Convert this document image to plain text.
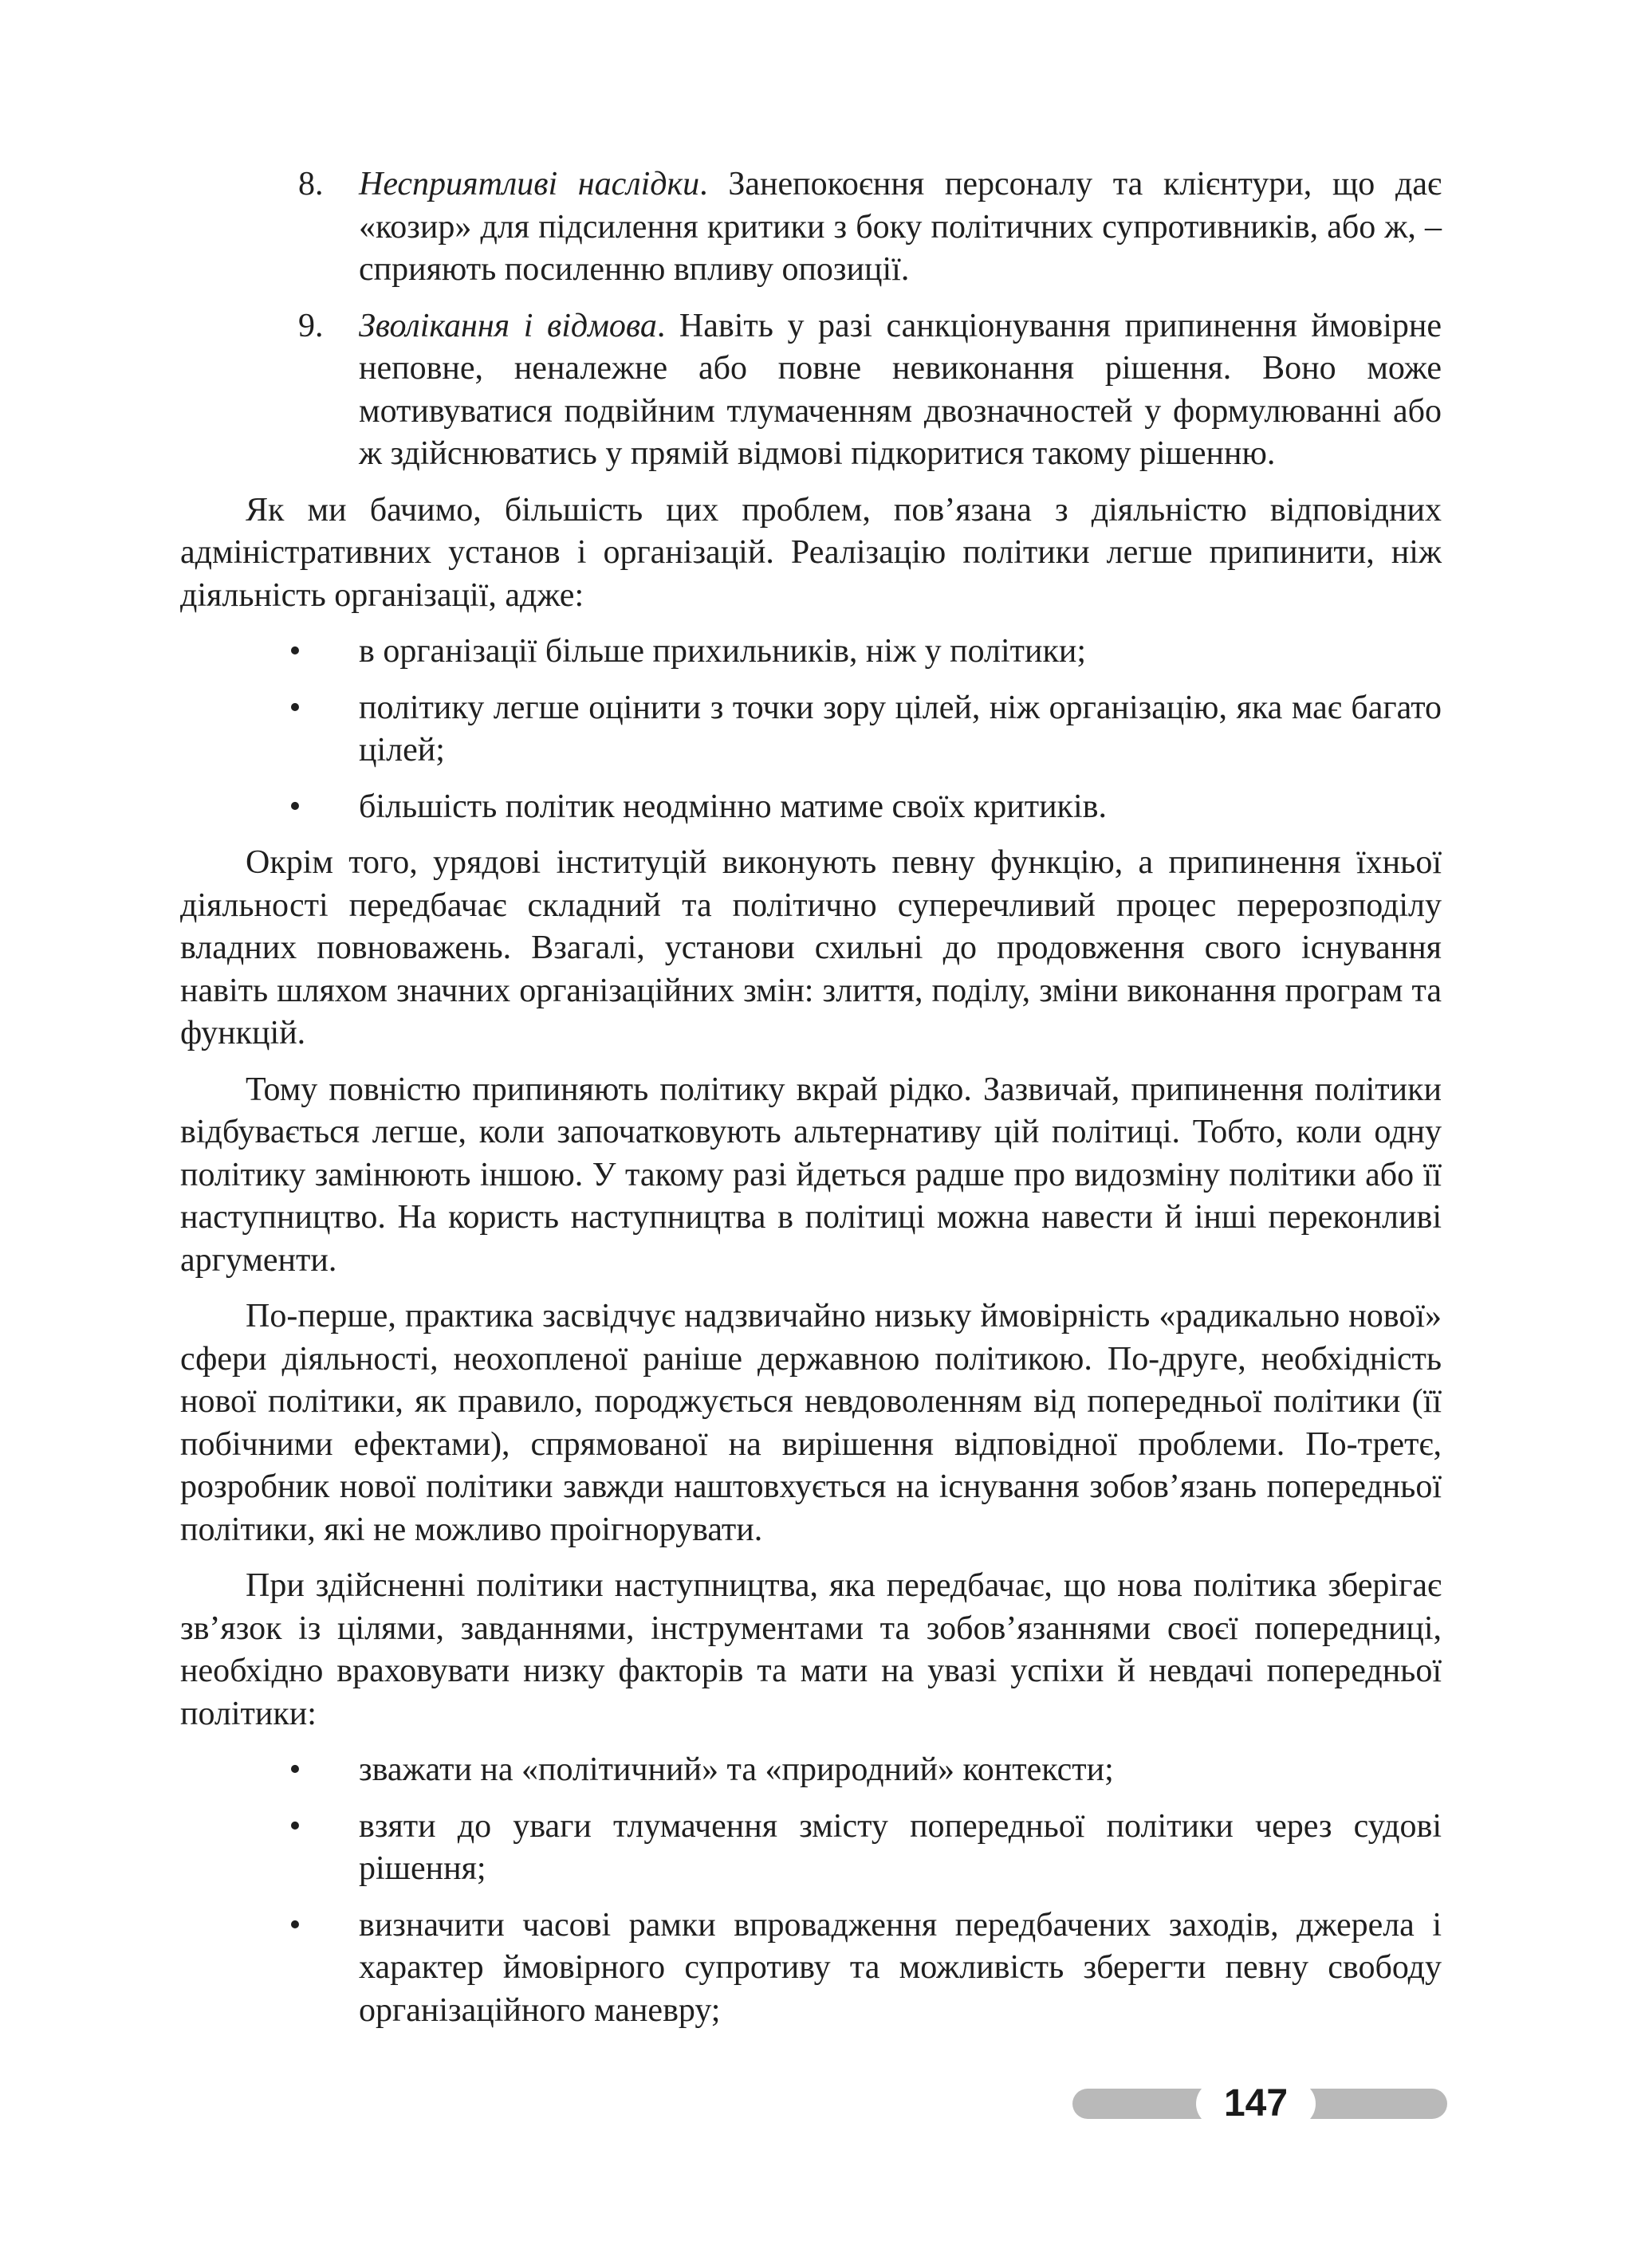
8.	Несприятливі наслідки. Занепокоєння персоналу та клієнтури, що дає «козир» для підсилення критики з боку політичних супротивників, або ж, – сприяють посиленню впливу опозиції.
9.	Зволікання і відмова. Навіть у разі санкціонування припинення ймовірне неповне, неналежне або повне невиконання рішення. Воно може мотивуватися подвійним тлумаченням двозначностей у формулюванні або ж здійснюватись у прямій відмові підкоритися такому рішенню.

Як ми бачимо, більшість цих проблем, пов’язана з діяльністю відповідних адміністративних установ і організацій. Реалізацію політики легше припинити, ніж діяльність організації, адже:

•	в організації більше прихильників, ніж у політики;
•	політику легше оцінити з точки зору цілей, ніж організацію, яка має багато цілей;
•	більшість політик неодмінно матиме своїх критиків.

Окрім того, урядові інституцій виконують певну функцію, а припинення їхньої діяльності передбачає складний та політично суперечливий процес перерозподілу владних повноважень. Взагалі, установи схильні до продовження свого існування навіть шляхом значних організаційних змін: злиття, поділу, зміни виконання програм та функцій.

Тому повністю припиняють політику вкрай рідко. Зазвичай, припинення політики відбувається легше, коли започатковують альтернативу цій політиці. Тобто, коли одну політику замінюють іншою. У такому разі йдеться радше про видозміну політики або її наступництво. На користь наступництва в політиці можна навести й інші переконливі аргументи.

По-перше, практика засвідчує надзвичайно низьку ймовірність «радикально нової» сфери діяльності, неохопленої раніше державною політикою. По-друге, необхідність нової політики, як правило, породжується невдоволенням від попередньої політики (її побічними ефектами), спрямованої на вирішення відповідної проблеми. По-третє, розробник нової політики завжди наштовхується на існування зобов’язань попередньої політики, які не можливо проігнорувати.

При здійсненні політики наступництва, яка передбачає, що нова політика зберігає зв’язок із цілями, завданнями, інструментами та зобов’язаннями своєї попередниці, необхідно враховувати низку факторів та мати на увазі успіхи й невдачі попередньої політики:

•	зважати на «політичний» та «природний» контексти;
•	взяти до уваги тлумачення змісту попередньої політики через судові рішення;
•	визначити часові рамки впровадження передбачених заходів, джерела і характер ймовірного супротиву та можливість зберегти певну свободу організаційного маневру;
147
